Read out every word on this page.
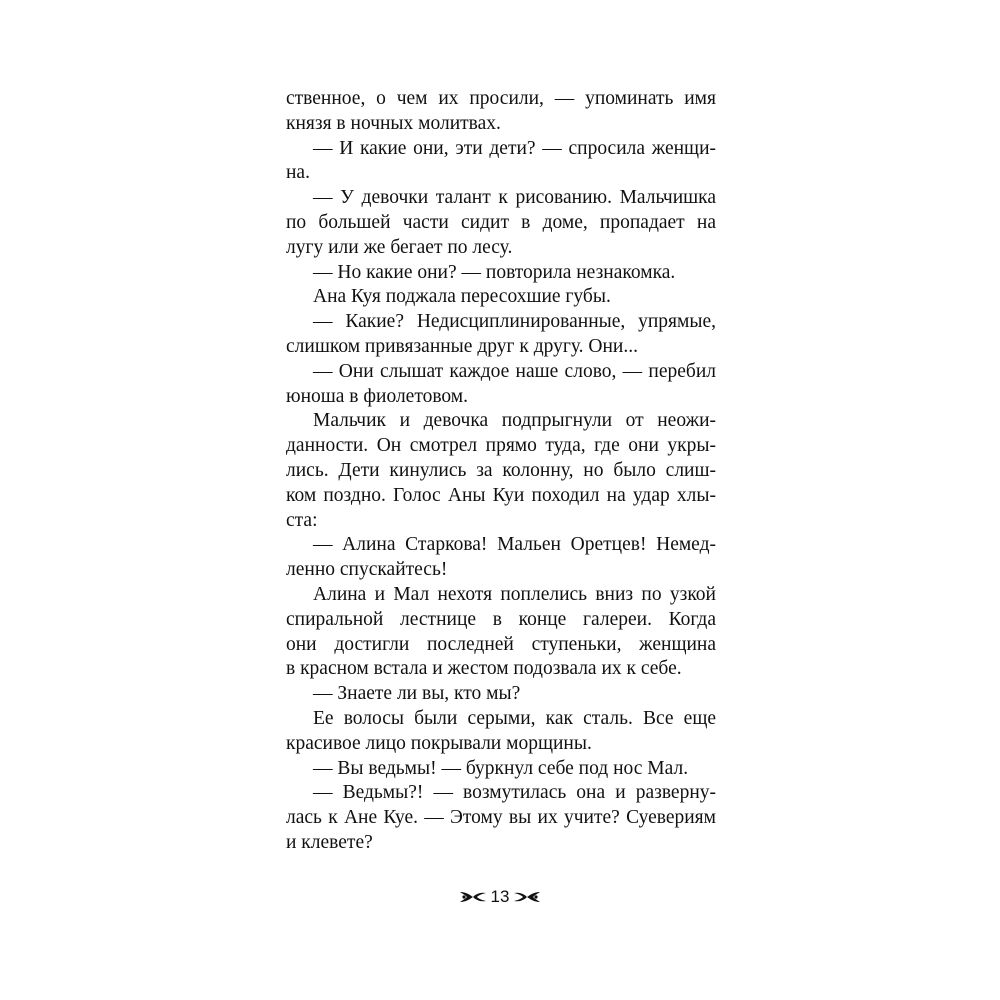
ственное, о чем их просили, — упоминать имя
князя в ночных молитвах.
— И какие они, эти дети? — спросила женщи-
на.
— У девочки талант к рисованию. Мальчишка
по большей части сидит в доме, пропадает на
лугу или же бегает по лесу.
— Но какие они? — повторила незнакомка.
Ана Куя поджала пересохшие губы.
— Какие? Недисциплинированные, упрямые,
слишком привязанные друг к другу. Они...
— Они слышат каждое наше слово, — перебил
юноша в фиолетовом.
Мальчик и девочка подпрыгнули от неожи-
данности. Он смотрел прямо туда, где они укры-
лись. Дети кинулись за колонну, но было слиш-
ком поздно. Голос Аны Куи походил на удар хлы-
ста:
— Алина Старкова! Мальен Оретцев! Немед-
ленно спускайтесь!
Алина и Мал нехотя поплелись вниз по узкой
спиральной лестнице в конце галереи. Когда
они достигли последней ступеньки, женщина
в красном встала и жестом подозвала их к себе.
— Знаете ли вы, кто мы?
Ее волосы были серыми, как сталь. Все еще
красивое лицо покрывали морщины.
— Вы ведьмы! — буркнул себе под нос Мал.
— Ведьмы?! — возмутилась она и разверну-
лась к Ане Куе. — Этому вы их учите? Суевериям
и клевете?
13
